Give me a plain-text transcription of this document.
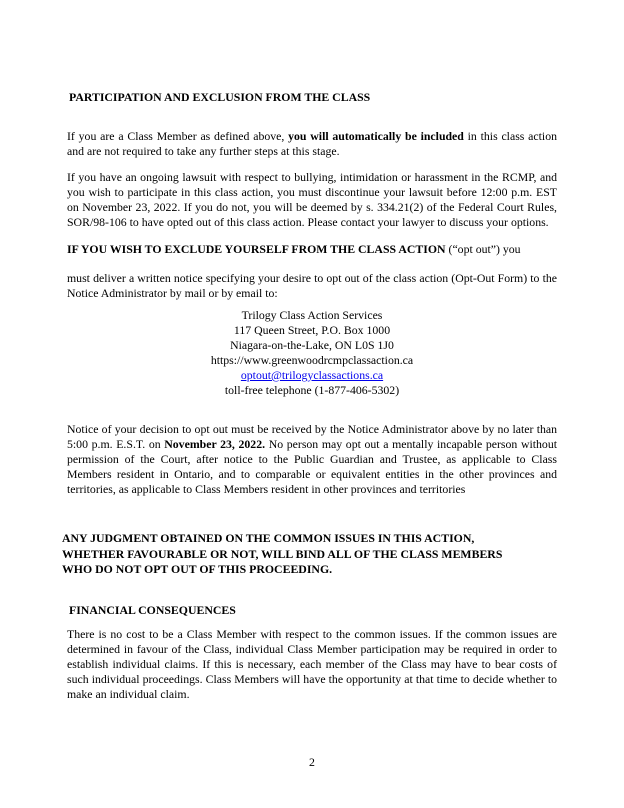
PARTICIPATION AND EXCLUSION FROM THE CLASS

If you are a Class Member as defined above, you will automatically be included in this class action and are not required to take any further steps at this stage.

If you have an ongoing lawsuit with respect to bullying, intimidation or harassment in the RCMP, and you wish to participate in this class action, you must discontinue your lawsuit before 12:00 p.m. EST on November 23, 2022. If you do not, you will be deemed by s. 334.21(2) of the Federal Court Rules, SOR/98-106 to have opted out of this class action. Please contact your lawyer to discuss your options.

IF YOU WISH TO EXCLUDE YOURSELF FROM THE CLASS ACTION (“opt out”) you

must deliver a written notice specifying your desire to opt out of the class action (Opt-Out Form) to the Notice Administrator by mail or by email to:

Trilogy Class Action Services
117 Queen Street, P.O. Box 1000
Niagara-on-the-Lake, ON L0S 1J0
https://www.greenwoodrcmpclassaction.ca
optout@trilogyclassactions.ca
toll-free telephone (1-877-406-5302)

Notice of your decision to opt out must be received by the Notice Administrator above by no later than 5:00 p.m. E.S.T. on November 23, 2022. No person may opt out a mentally incapable person without permission of the Court, after notice to the Public Guardian and Trustee, as applicable to Class Members resident in Ontario, and to comparable or equivalent entities in the other provinces and territories, as applicable to Class Members resident in other provinces and territories

ANY JUDGMENT OBTAINED ON THE COMMON ISSUES IN THIS ACTION,
WHETHER FAVOURABLE OR NOT, WILL BIND ALL OF THE CLASS MEMBERS
WHO DO NOT OPT OUT OF THIS PROCEEDING.
FINANCIAL CONSEQUENCES

There is no cost to be a Class Member with respect to the common issues. If the common issues are determined in favour of the Class, individual Class Member participation may be required in order to establish individual claims. If this is necessary, each member of the Class may have to bear costs of such individual proceedings. Class Members will have the opportunity at that time to decide whether to make an individual claim.

2
